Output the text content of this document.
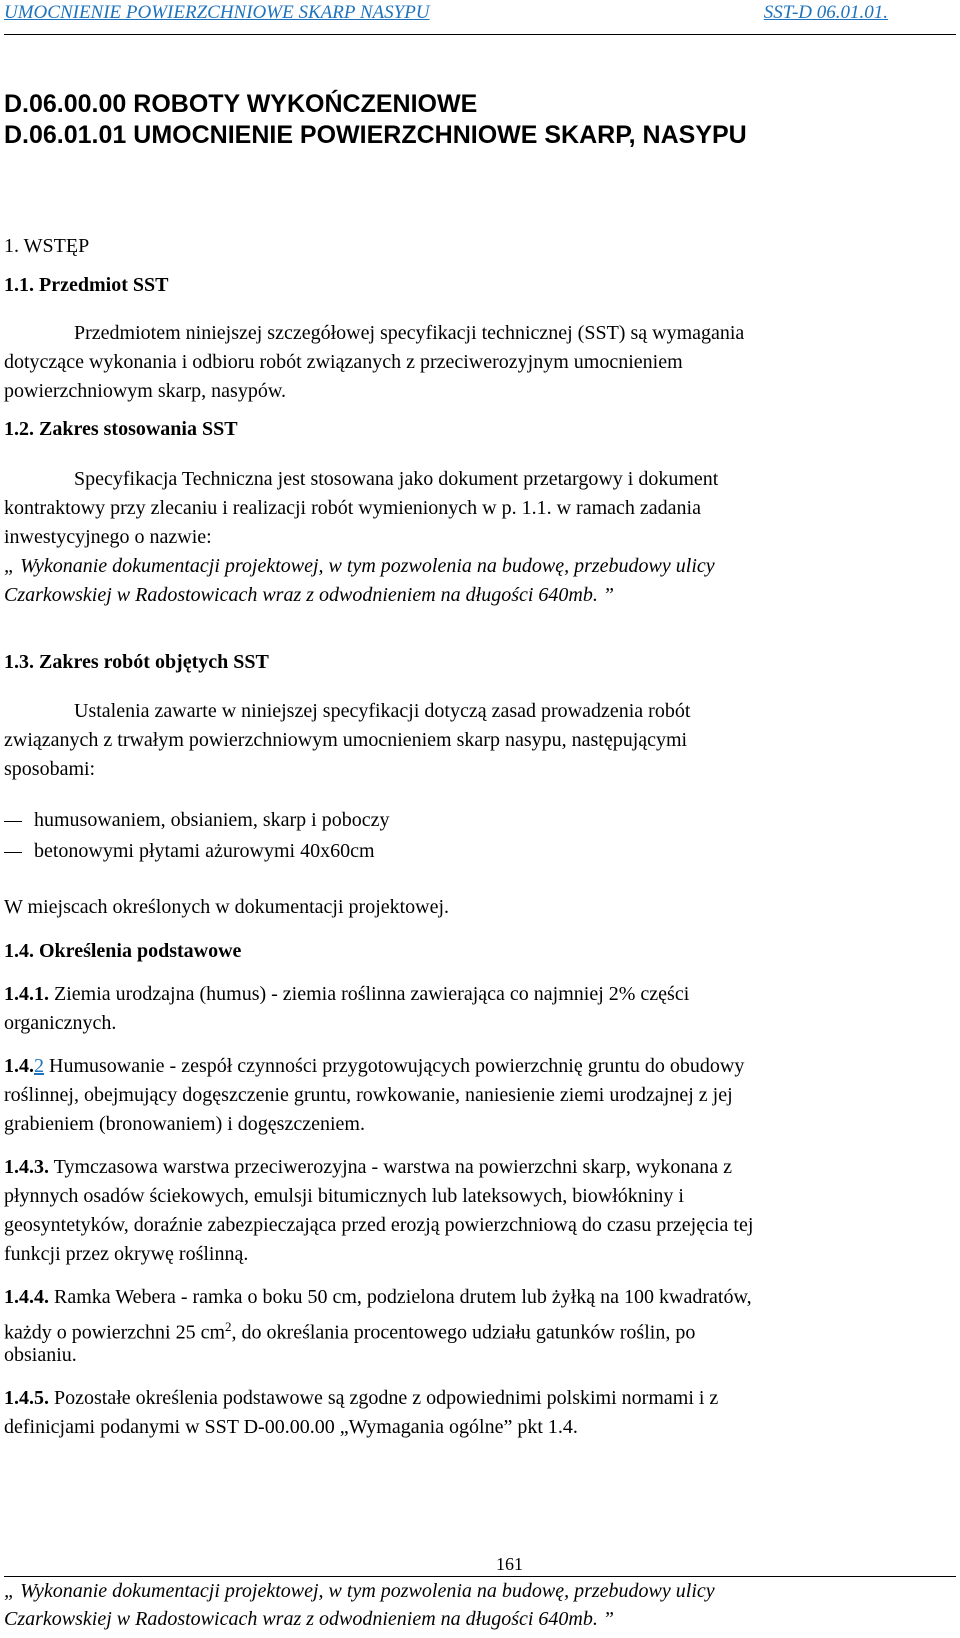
UMOCNIENIE POWIERZCHNIOWE SKARP NASYPU	SST-D 06.01.01.
D.06.00.00 ROBOTY WYKOŃCZENIOWE
D.06.01.01 UMOCNIENIE POWIERZCHNIOWE SKARP, NASYPU
1. WSTĘP
1.1. Przedmiot SST
Przedmiotem niniejszej szczegółowej specyfikacji technicznej (SST) są wymagania
dotyczące wykonania i odbioru robót związanych z przeciwerozyjnym umocnieniem
powierzchniowym skarp, nasypów.
1.2. Zakres stosowania SST
Specyfikacja Techniczna jest stosowana jako dokument przetargowy i dokument
kontraktowy przy zlecaniu i realizacji robót wymienionych w p. 1.1. w ramach zadania
inwestycyjnego o nazwie:
„ Wykonanie dokumentacji projektowej, w tym pozwolenia na budowę, przebudowy ulicy
Czarkowskiej w Radostowicach wraz z odwodnieniem na długości 640mb. ”
1.3. Zakres robót objętych SST
Ustalenia zawarte w niniejszej specyfikacji dotyczą zasad prowadzenia robót
związanych z trwałym powierzchniowym umocnieniem skarp nasypu, następującymi
sposobami:
humusowaniem, obsianiem, skarp i poboczy
betonowymi płytami ażurowymi 40x60cm
W miejscach określonych w dokumentacji projektowej.
1.4. Określenia podstawowe
1.4.1. Ziemia urodzajna (humus) - ziemia roślinna zawierająca co najmniej 2% części
organicznych.
1.4.2 Humusowanie - zespół czynności przygotowujących powierzchnię gruntu do obudowy
roślinnej, obejmujący dogęszczenie gruntu, rowkowanie, naniesienie ziemi urodzajnej z jej
grabieniem (bronowaniem) i dogęszczeniem.
1.4.3. Tymczasowa warstwa przeciwerozyjna - warstwa na powierzchni skarp, wykonana z
płynnych osadów ściekowych, emulsji bitumicznych lub lateksowych, biowłókniny i
geosyntetyków, doraźnie zabezpieczająca przed erozją powierzchniową do czasu przejęcia tej
funkcji przez okrywę roślinną.
1.4.4. Ramka Webera - ramka o boku 50 cm, podzielona drutem lub żyłką na 100 kwadratów,
każdy o powierzchni 25 $cm^2$, do określania procentowego udziału gatunków roślin, po
obsianiu.
1.4.5. Pozostałe określenia podstawowe są zgodne z odpowiednimi polskimi normami i z
definicjami podanymi w SST D-00.00.00 „Wymagania ogólne” pkt 1.4.
161
„ Wykonanie dokumentacji projektowej, w tym pozwolenia na budowę, przebudowy ulicy
Czarkowskiej w Radostowicach wraz z odwodnieniem na długości 640mb. ”
